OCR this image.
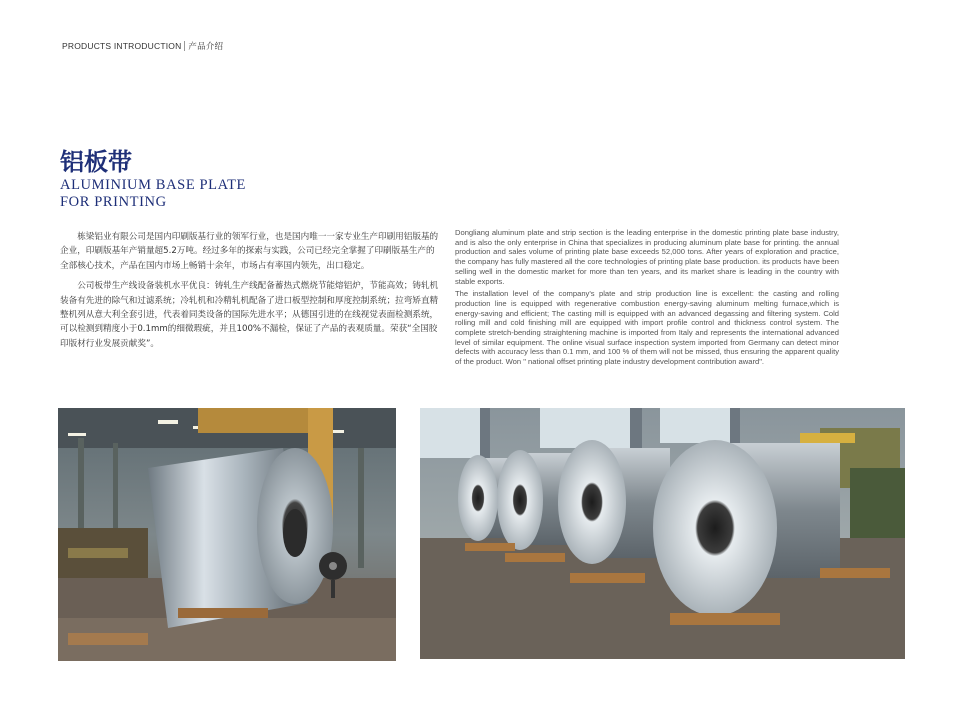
PRODUCTS INTRODUCTION 产品介绍
铝板带
ALUMINIUM BASE PLATE
FOR PRINTING

栋梁铝业有限公司是国内印刷版基行业的领军行业，也是国内唯一一家专业生产印刷用铝版基的企业，印刷版基年产销量超5.2万吨。经过多年的探索与实践，公司已经完全掌握了印刷版基生产的全部核心技术，产品在国内市场上畅销十余年，市场占有率国内领先，出口稳定。

公司板带生产线设备装机水平优良：铸轧生产线配备蓄热式燃烧节能熔铝炉，节能高效；铸轧机装备有先进的除气和过滤系统；冷轧机和冷精轧机配备了进口板型控制和厚度控制系统；拉弯矫直精整机列从意大利全套引进，代表着同类设备的国际先进水平；从德国引进的在线视觉表面检测系统，可以检测到精度小于0.1mm的细微瑕疵，并且100%不漏检，保证了产品的表观质量。荣获“全国胶印版材行业发展贡献奖”。

Dongliang aluminum plate and strip section is the leading enterprise in the domestic printing plate base industry, and is also the only enterprise in China that specializes in producing aluminum plate base for printing. the annual production and sales volume of printing plate base exceeds 52,000 tons. After years of exploration and practice, the company has fully mastered all the core technologies of printing plate base production. its products have been selling well in the domestic market for more than ten years, and its market share is leading in the country with stable exports.

The installation level of the company's plate and strip production line is excellent: the casting and rolling production line is equipped with regenerative combustion energy-saving aluminum melting furnace,which is energy-saving and efficient; The casting mill is equipped with an advanced degassing and filtering system. Cold rolling mill and cold finishing mill are equipped with import profile control and thickness control system. The complete stretch-bending straightening machine is imported from Italy and represents the international advanced level of similar equipment. The online visual surface inspection system imported from Germany can detect minor defects with accuracy less than 0.1 mm, and 100 % of them will not be missed, thus ensuring the apparent quality of the product. Won " national offset printing plate industry development contribution award".
